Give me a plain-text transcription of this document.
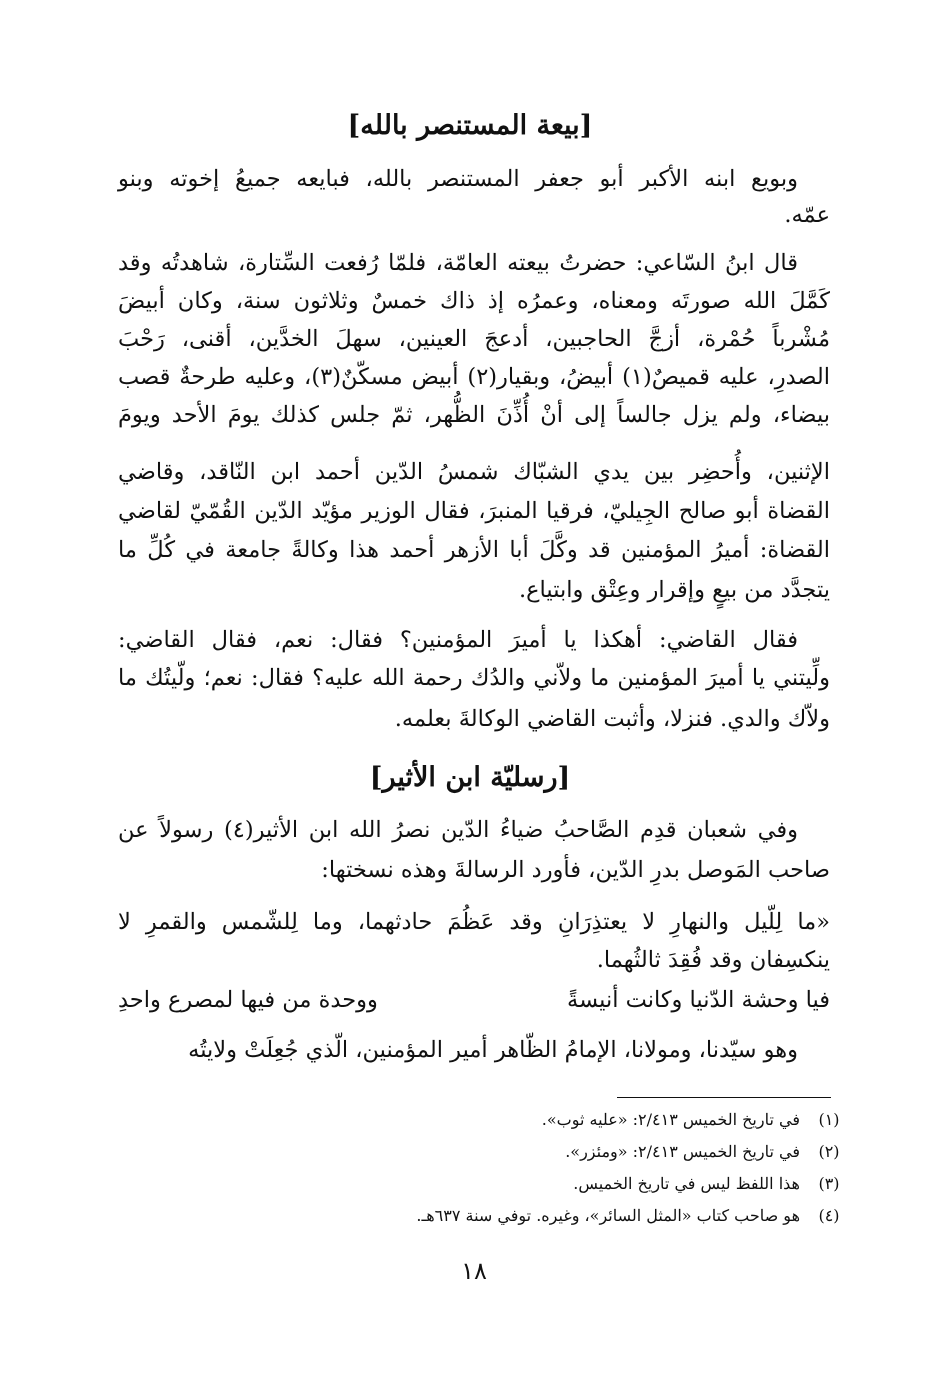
[بيعة المستنصر بالله]
وبويع ابنه الأكبر أبو جعفر المستنصر بالله، فبايعه جميعُ إخوته وبنو
عمّه.
قال ابنُ السّاعي: حضرتُ بيعته العامّة، فلمّا رُفعت السِّتارة، شاهدتُه وقد
كَمَّلَ الله صورتَه ومعناه، وعمرُه إذ ذاك خمسٌ وثلاثون سنة، وكان أبيضَ
مُشْرباً حُمْرة، أزجَّ الحاجبين، أدعجَ العينين، سهلَ الخدَّين، أقنى، رَحْبَ
الصدرِ، عليه قميصٌ(١) أبيضُ، وبقيار(٢) أبيض مسكّنٌ(٣)، وعليه طرحةٌ قصب
بيضاء، ولم يزل جالساً إلى أنْ أُذِّنَ الظُّهر، ثمّ جلس كذلك يومَ الأحد ويومَ
الإثنين، وأُحضِر بين يدي الشبّاك شمسُ الدّين أحمد ابن النّاقد، وقاضي
القضاة أبو صالح الجِيليّ، فرقيا المنبرَ، فقال الوزير مؤيّد الدّين القُمّيّ لقاضي
القضاة: أميرُ المؤمنين قد وكَّلَ أبا الأزهر أحمد هذا وكالةً جامعة في كُلِّ ما
يتجدَّد من بيعٍ وإقرار وعِتْق وابتياع.
فقال القاضي: أهكذا يا أميرَ المؤمنين؟ فقال: نعم، فقال القاضي:
ولِّيتني يا أميرَ المؤمنين ما ولاّني والدُك رحمة الله عليه؟ فقال: نعم؛ ولّيتُك ما
ولاّك والدي. فنزلا، وأثبت القاضي الوكالةَ بعلمه.
[رسليّة ابن الأثير]
وفي شعبان قدِم الصَّاحبُ ضياءُ الدّين نصرُ الله ابن الأثير(٤) رسولاً عن
صاحب المَوصل بدرِ الدّين، فأورد الرسالةَ وهذه نسختها:
«ما لِلّيل والنهارِ لا يعتذِرَانِ وقد عَظُمَ حادثهما، وما لِلشّمس والقمرِ لا
ينكسِفان وقد فُقِدَ ثالثُهما.
فيا وحشة الدّنيا وكانت أنيسةً
ووحدة من فيها لمصرع واحدِ
وهو سيّدنا، ومولانا، الإمامُ الظّاهر أمير المؤمنين، الّذي جُعِلَتْ ولايتُه
(١)
في تاريخ الخميس ٢/٤١٣: «عليه ثوب».
(٢)
في تاريخ الخميس ٢/٤١٣: «ومئزر».
(٣)
هذا اللفظ ليس في تاريخ الخميس.
(٤)
هو صاحب كتاب «المثل السائر»، وغيره. توفي سنة ٦٣٧هـ.
١٨
